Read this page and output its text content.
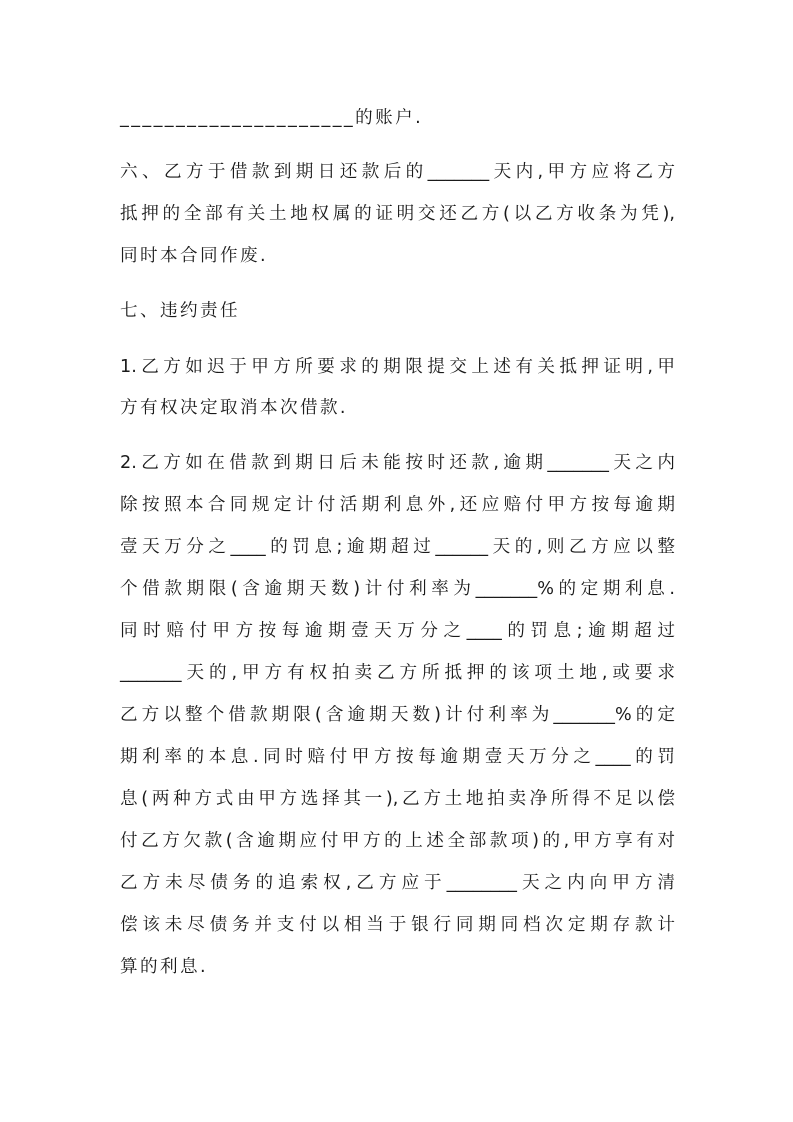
_____________________的账户.
六、乙方于借款到期日还款后的_______天内,甲方应将乙方
抵押的全部有关土地权属的证明交还乙方(以乙方收条为凭),
同时本合同作废.
七、违约责任
1.乙方如迟于甲方所要求的期限提交上述有关抵押证明,甲
方有权决定取消本次借款.
2.乙方如在借款到期日后未能按时还款,逾期_______天之内
除按照本合同规定计付活期利息外,还应赔付甲方按每逾期
壹天万分之____的罚息;逾期超过______天的,则乙方应以整
个借款期限(含逾期天数)计付利率为_______%的定期利息.
同时赔付甲方按每逾期壹天万分之____的罚息;逾期超过
_______天的,甲方有权拍卖乙方所抵押的该项土地,或要求
乙方以整个借款期限(含逾期天数)计付利率为_______%的定
期利率的本息.同时赔付甲方按每逾期壹天万分之____的罚
息(两种方式由甲方选择其一),乙方土地拍卖净所得不足以偿
付乙方欠款(含逾期应付甲方的上述全部款项)的,甲方享有对
乙方未尽债务的追索权,乙方应于________天之内向甲方清
偿该未尽债务并支付以相当于银行同期同档次定期存款计
算的利息.
